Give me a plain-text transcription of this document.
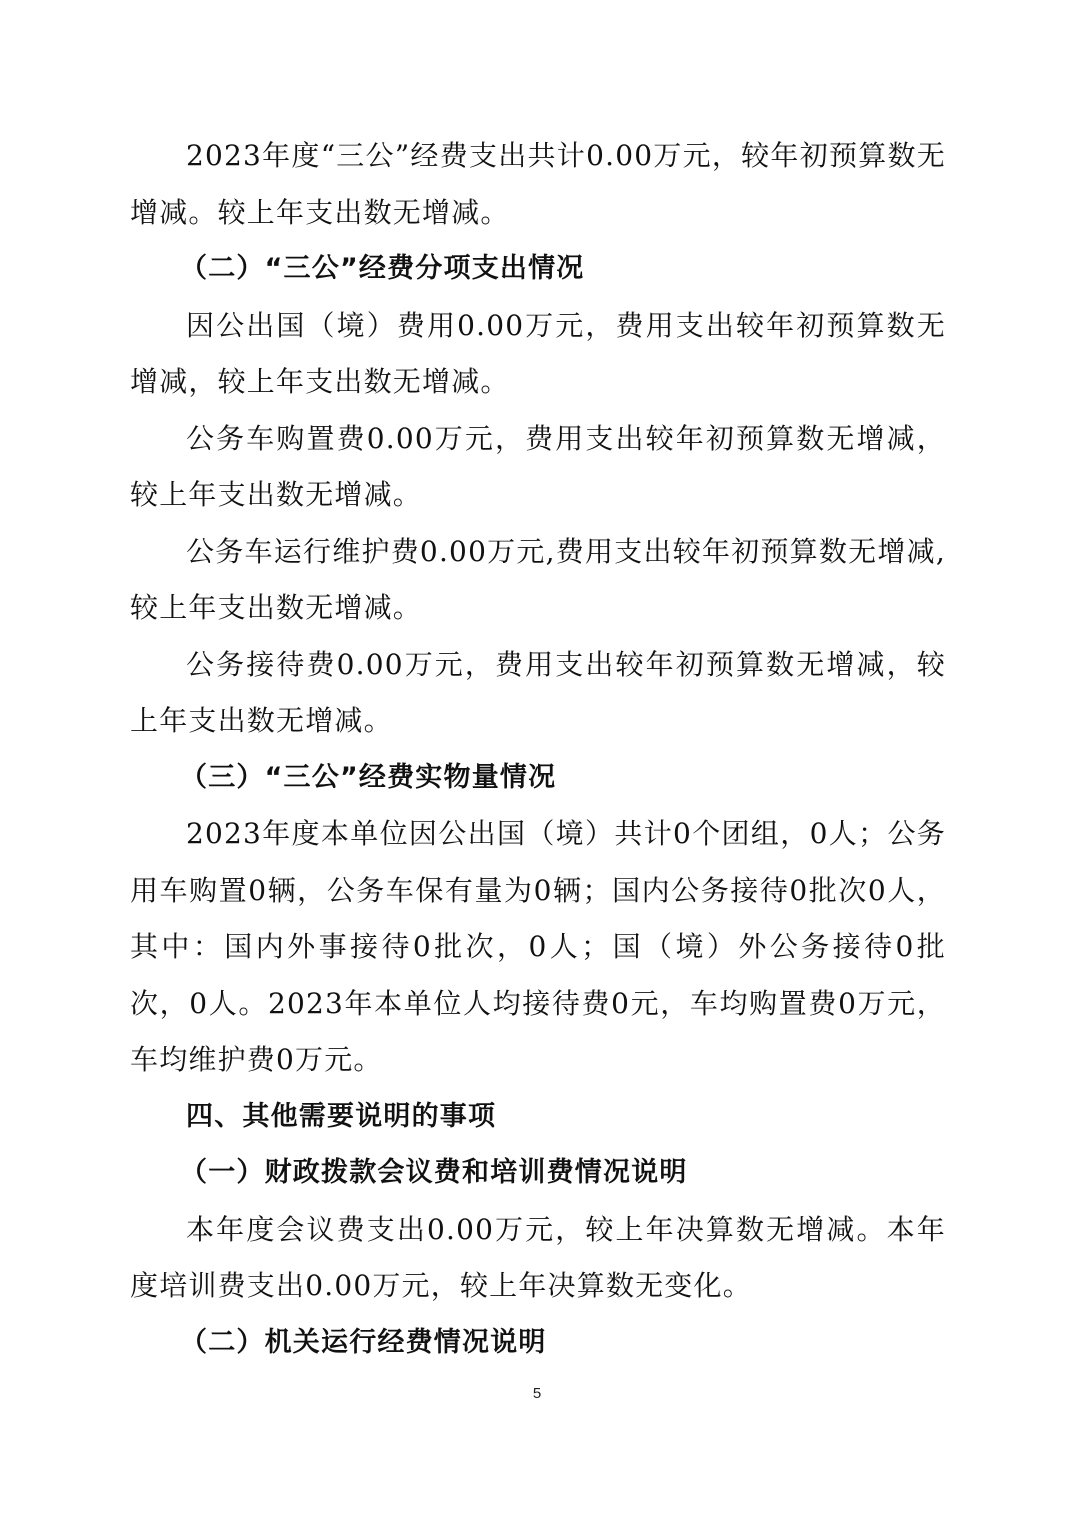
2023年度“三公”经费支出共计0.00万元，较年初预算数无增减。较上年支出数无增减。

（二）“三公”经费分项支出情况

因公出国（境）费用0.00万元，费用支出较年初预算数无增减，较上年支出数无增减。

公务车购置费0.00万元，费用支出较年初预算数无增减，较上年支出数无增减。

公务车运行维护费0.00万元,费用支出较年初预算数无增减,较上年支出数无增减。

公务接待费0.00万元，费用支出较年初预算数无增减，较上年支出数无增减。

（三）“三公”经费实物量情况

2023年度本单位因公出国（境）共计0个团组，0人；公务用车购置0辆，公务车保有量为0辆；国内公务接待0批次0人，其中：国内外事接待0批次，0人；国（境）外公务接待0批次，0人。2023年本单位人均接待费0元，车均购置费0万元，车均维护费0万元。

四、其他需要说明的事项

（一）财政拨款会议费和培训费情况说明

本年度会议费支出0.00万元，较上年决算数无增减。本年度培训费支出0.00万元，较上年决算数无变化。

（二）机关运行经费情况说明

5
